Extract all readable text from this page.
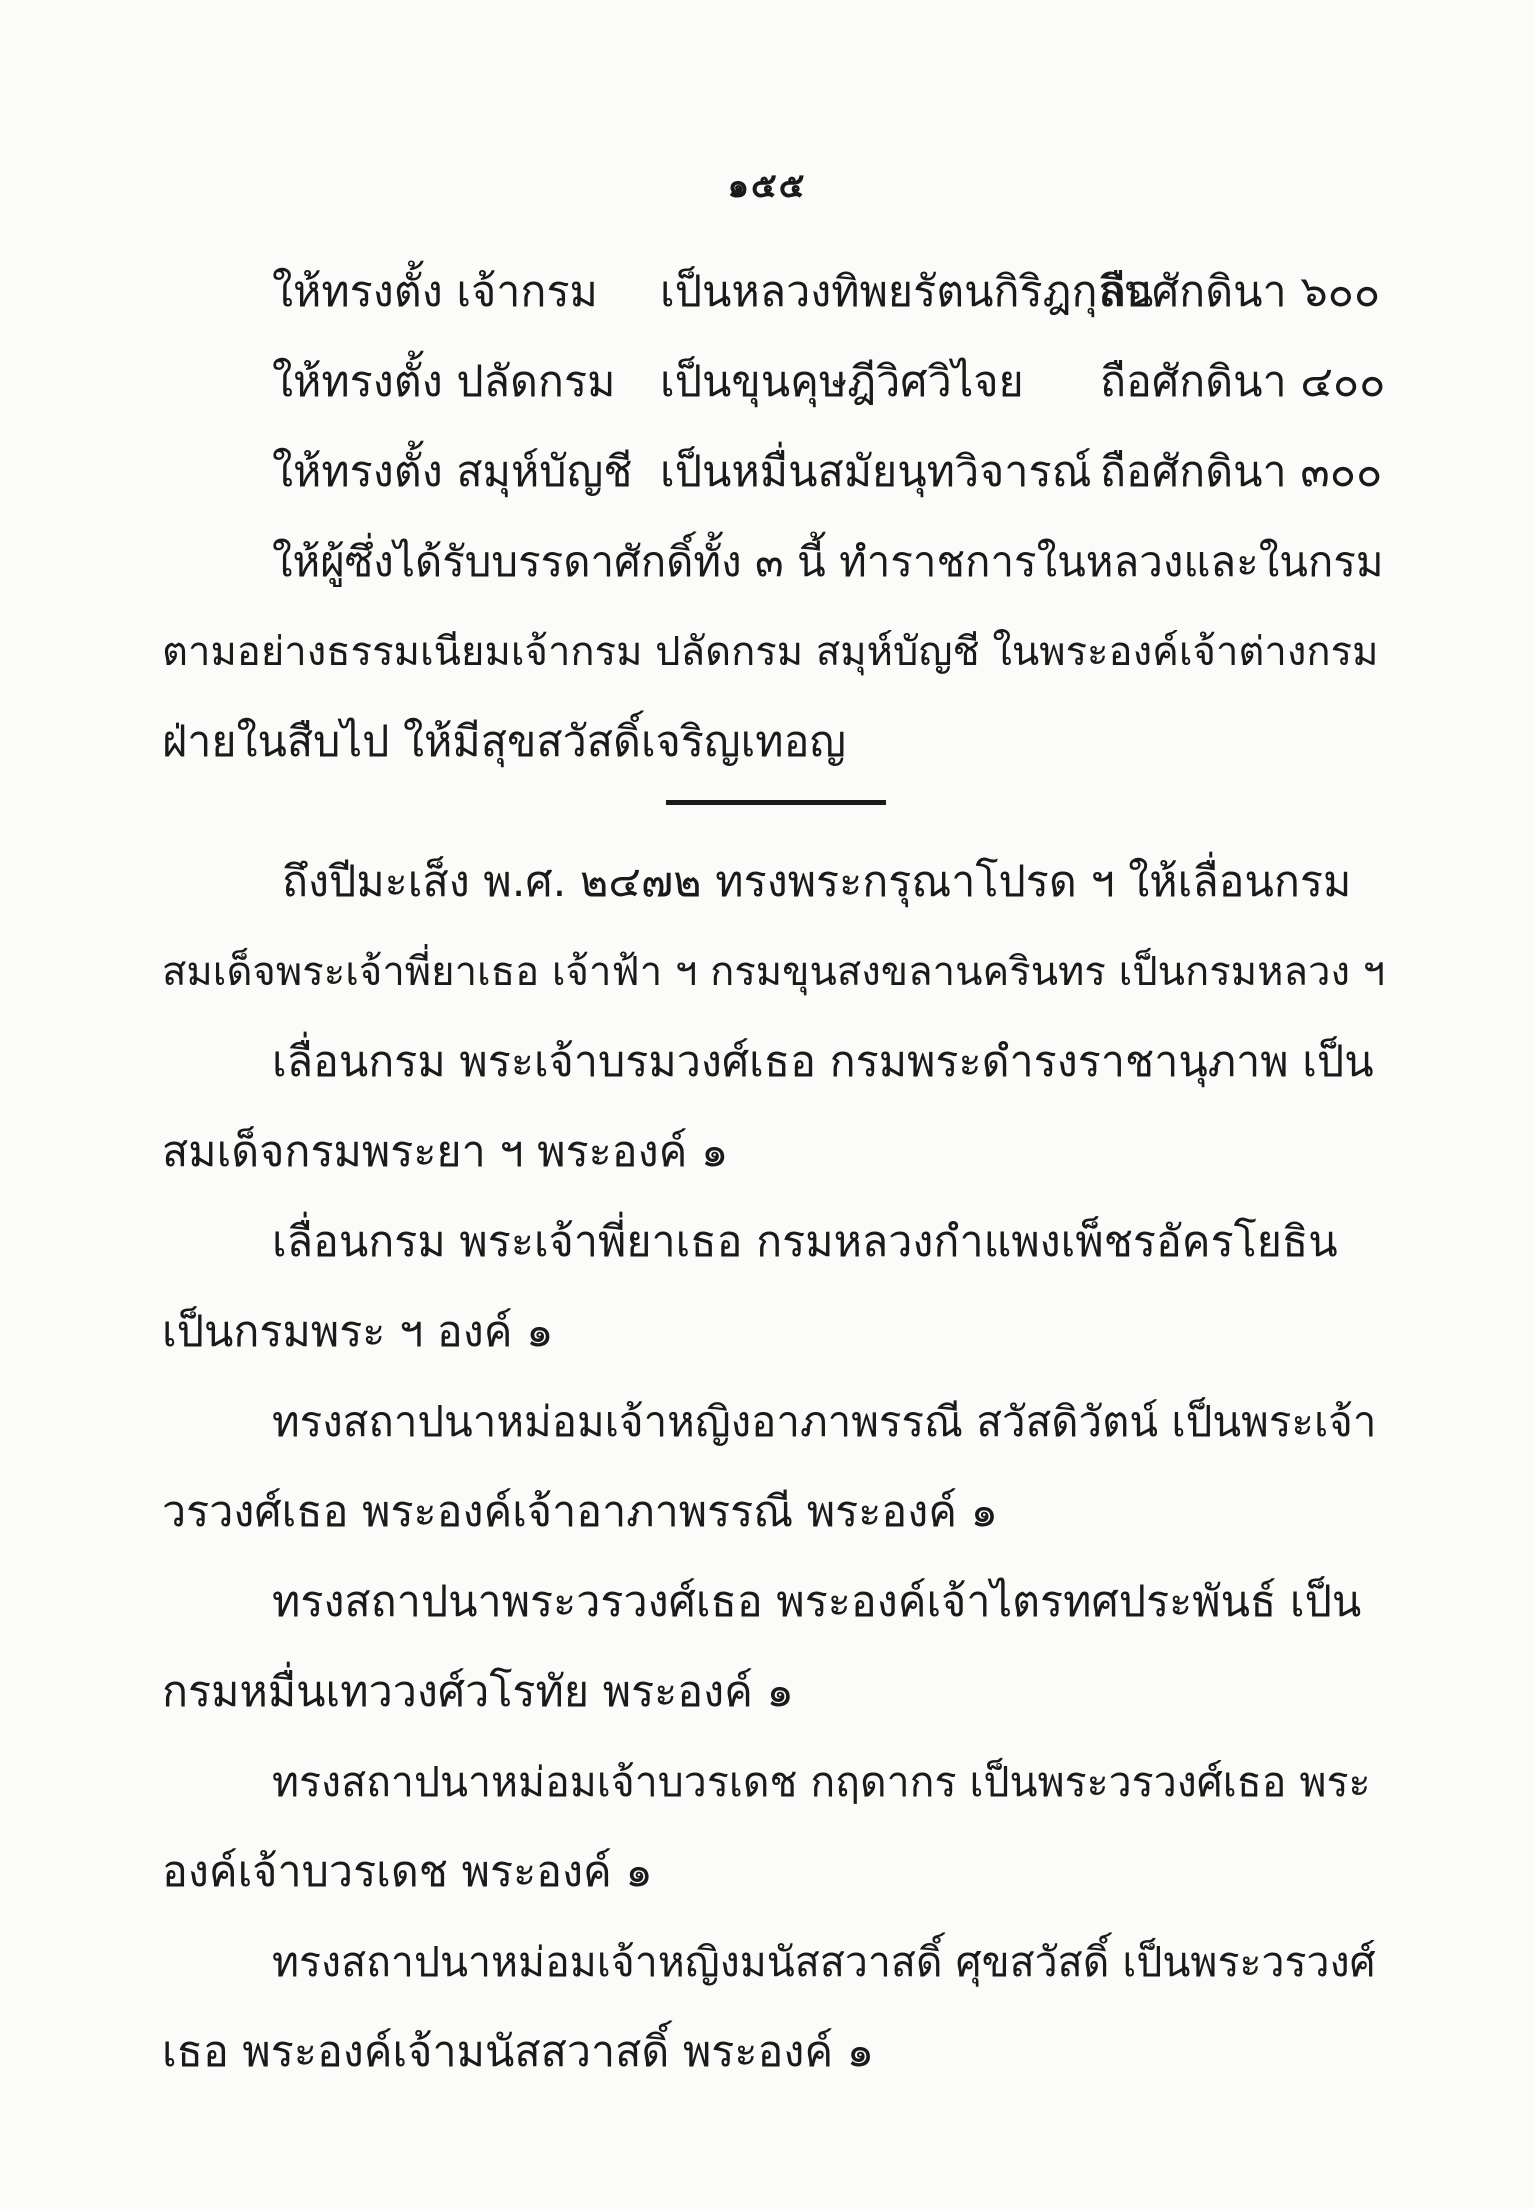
๑๕๕
ให้ทรงตั้ง เจ้ากรม เป็นหลวงทิพยรัตนกิริฎกุลินถือศักดินา ๖๐๐
ให้ทรงตั้ง ปลัดกรม เป็นขุนคุษฎีวิศวิไจย ถือศักดินา ๔๐๐
ให้ทรงตั้ง สมุห์บัญชี เป็นหมื่นสมัยนุทวิจารณ์ ถือศักดินา ๓๐๐
ให้ผู้ซึ่งได้รับบรรดาศักดิ์ทั้ง ๓ นี้ ทำราชการในหลวงและในกรม
ตามอย่างธรรมเนียมเจ้ากรม ปลัดกรม สมุห์บัญชี ในพระองค์เจ้าต่างกรม
ฝ่ายในสืบไป ให้มีสุขสวัสดิ์เจริญเทอญ
ถึงปีมะเส็ง พ.ศ. ๒๔๗๒ ทรงพระกรุณาโปรด ฯ ให้เลื่อนกรม
สมเด็จพระเจ้าพี่ยาเธอ เจ้าฟ้า ฯ กรมขุนสงขลานครินทร เป็นกรมหลวง ฯ
เลื่อนกรม พระเจ้าบรมวงศ์เธอ กรมพระดำรงราชานุภาพ เป็น
สมเด็จกรมพระยา ฯ พระองค์ ๑
เลื่อนกรม พระเจ้าพี่ยาเธอ กรมหลวงกำแพงเพ็ชรอัครโยธิน
เป็นกรมพระ ฯ องค์ ๑
ทรงสถาปนาหม่อมเจ้าหญิงอาภาพรรณี สวัสดิวัตน์ เป็นพระเจ้า
วรวงศ์เธอ พระองค์เจ้าอาภาพรรณี พระองค์ ๑
ทรงสถาปนาพระวรวงศ์เธอ พระองค์เจ้าไตรทศประพันธ์ เป็น
กรมหมื่นเทววงศ์วโรทัย พระองค์ ๑
ทรงสถาปนาหม่อมเจ้าบวรเดช กฤดากร เป็นพระวรวงศ์เธอ พระ
องค์เจ้าบวรเดช พระองค์ ๑
ทรงสถาปนาหม่อมเจ้าหญิงมนัสสวาสดิ์ ศุขสวัสดิ์ เป็นพระวรวงศ์
เธอ พระองค์เจ้ามนัสสวาสดิ์ พระองค์ ๑
